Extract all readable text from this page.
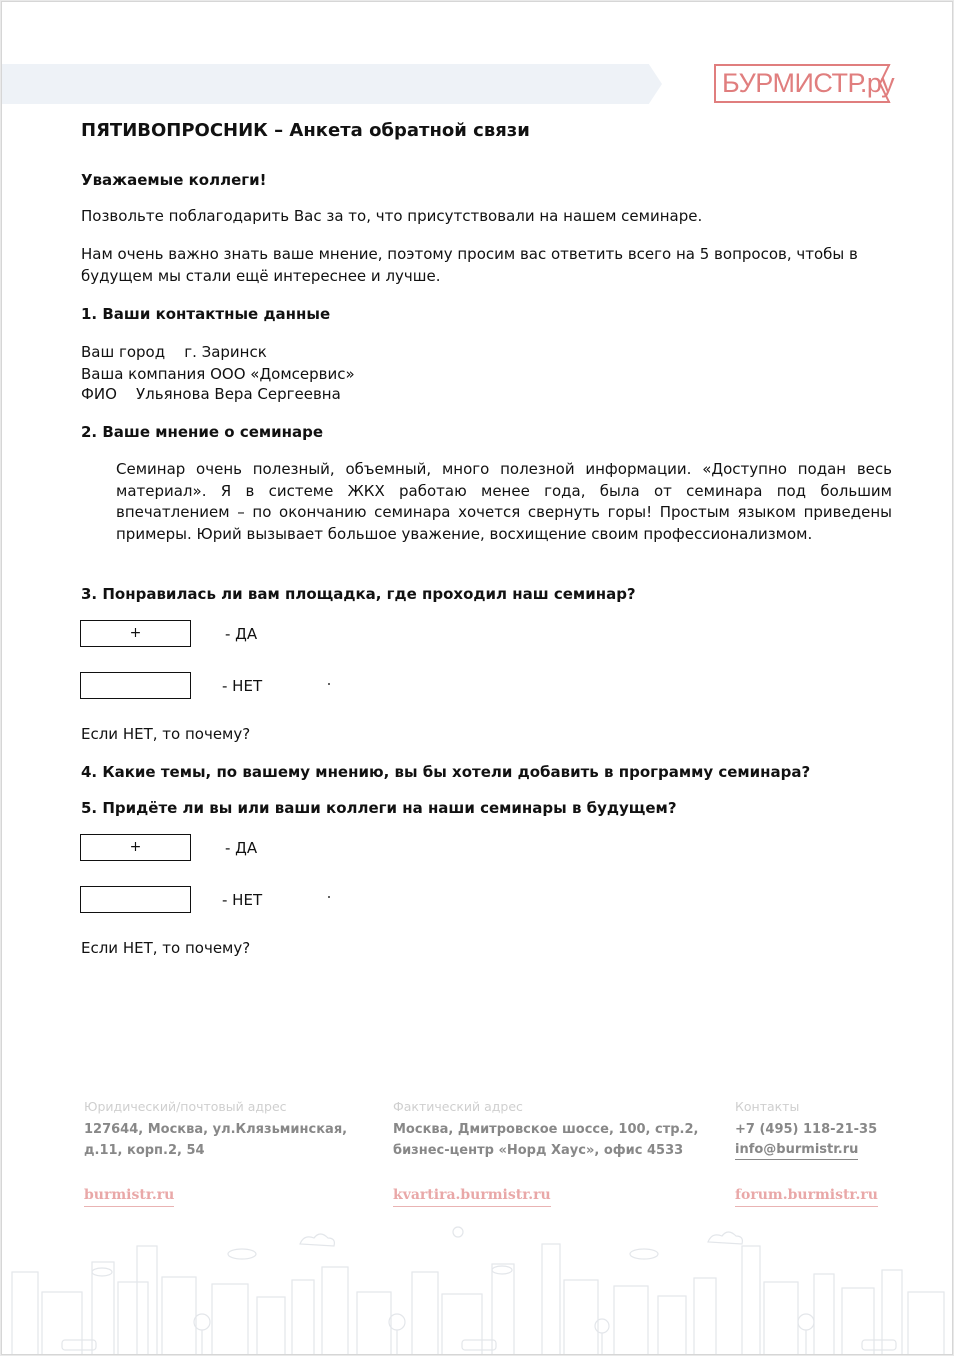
БУРМИСТР.ру
ПЯТИВОПРОСНИК – Анкета обратной связи
Уважаемые коллеги!
Позвольте поблагодарить Вас за то, что присутствовали на нашем семинаре.
Нам очень важно знать ваше мнение, поэтому просим вас ответить всего на 5 вопросов, чтобы в будущем мы стали ещё интереснее и лучше.
1. Ваши контактные данные
Ваш город г. Заринск
Ваша компания ООО «Домсервис»
ФИО Ульянова Вера Сергеевна
2. Ваше мнение о семинаре
Семинар очень полезный, объемный, много полезной информации. «Доступно подан весь материал». Я в системе ЖКХ работаю менее года, была от семинара под большим впечатлением – по окончанию семинара хочется свернуть горы! Простым языком приведены примеры. Юрий вызывает большое уважение, восхищение своим профессионализмом.
3. Понравилась ли вам площадка, где проходил наш семинар?
+	- ДА
- НЕТ
Если НЕТ, то почему?
4. Какие темы, по вашему мнению, вы бы хотели добавить в программу семинара?
5. Придёте ли вы или ваши коллеги на наши семинары в будущем?
+	- ДА
- НЕТ
Если НЕТ, то почему?
Юридический/почтовый адрес
127644, Москва, ул.Клязьминская,
д.11, корп.2, 54
Фактический адрес
Москва, Дмитровское шоссе, 100, стр.2,
бизнес-центр «Норд Хаус», офис 4533
Контакты
+7 (495) 118-21-35
info@burmistr.ru
burmistr.ru	kvartira.burmistr.ru	forum.burmistr.ru
